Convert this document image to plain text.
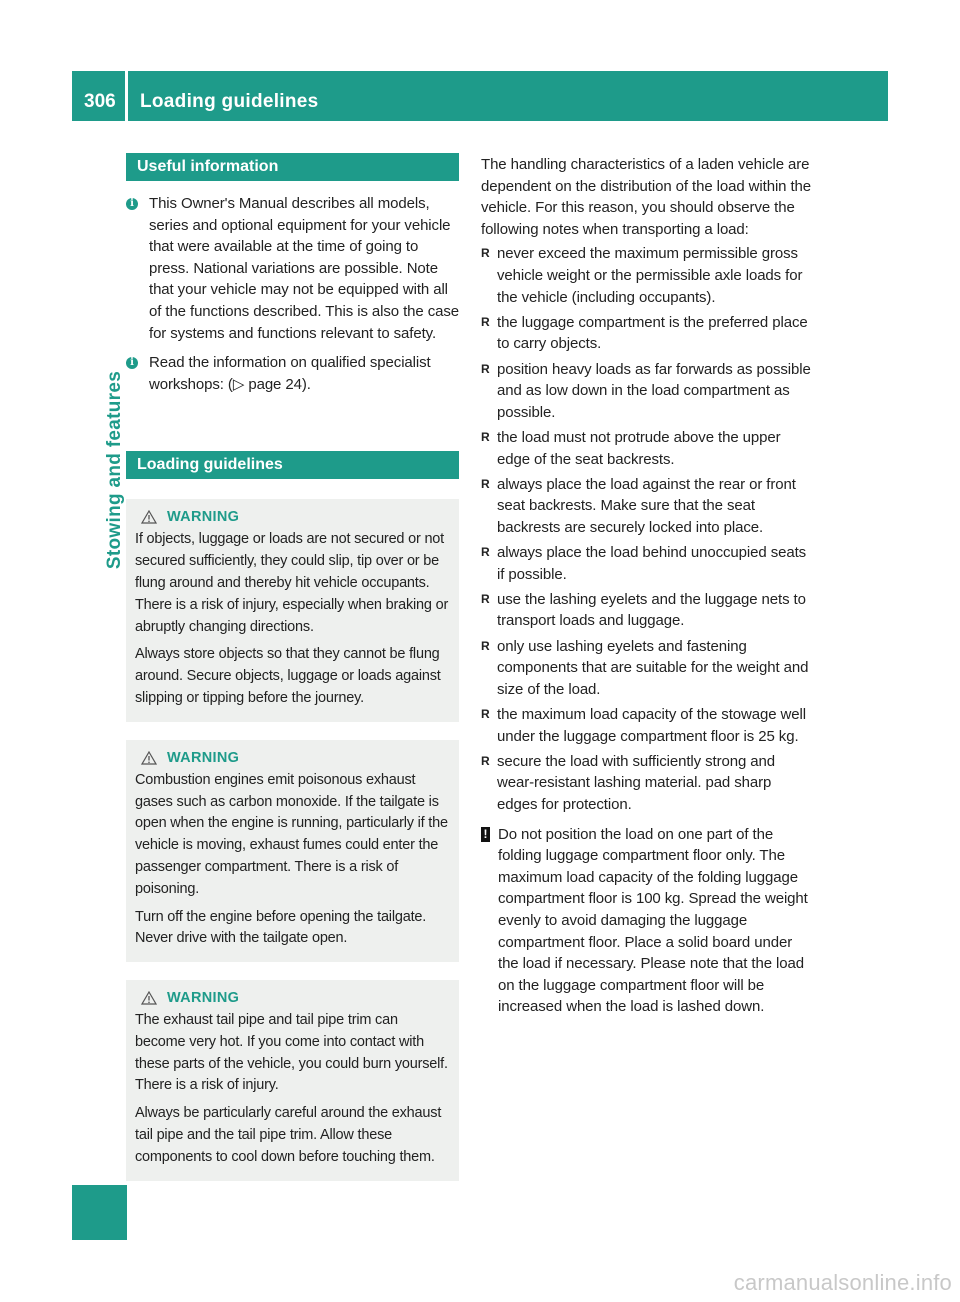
306 Loading guidelines
Stowing and features
Useful information
i This Owner's Manual describes all models, series and optional equipment for your vehicle that were available at the time of going to press. National variations are possible. Note that your vehicle may not be equipped with all of the functions described. This is also the case for systems and functions relevant to safety.
i Read the information on qualified specialist workshops: (▷ page 24).
Loading guidelines
WARNING

If objects, luggage or loads are not secured or not secured sufficiently, they could slip, tip over or be flung around and thereby hit vehicle occupants. There is a risk of injury, especially when braking or abruptly changing directions.

Always store objects so that they cannot be flung around. Secure objects, luggage or loads against slipping or tipping before the journey.

WARNING

Combustion engines emit poisonous exhaust gases such as carbon monoxide. If the tailgate is open when the engine is running, particularly if the vehicle is moving, exhaust fumes could enter the passenger compartment. There is a risk of poisoning.

Turn off the engine before opening the tailgate. Never drive with the tailgate open.

WARNING

The exhaust tail pipe and tail pipe trim can become very hot. If you come into contact with these parts of the vehicle, you could burn yourself. There is a risk of injury.

Always be particularly careful around the exhaust tail pipe and the tail pipe trim. Allow these components to cool down before touching them.

The handling characteristics of a laden vehicle are dependent on the distribution of the load within the vehicle. For this reason, you should observe the following notes when transporting a load:
R never exceed the maximum permissible gross vehicle weight or the permissible axle loads for the vehicle (including occupants).
R the luggage compartment is the preferred place to carry objects.
R position heavy loads as far forwards as possible and as low down in the load compartment as possible.
R the load must not protrude above the upper edge of the seat backrests.
R always place the load against the rear or front seat backrests. Make sure that the seat backrests are securely locked into place.
R always place the load behind unoccupied seats if possible.
R use the lashing eyelets and the luggage nets to transport loads and luggage.
R only use lashing eyelets and fastening components that are suitable for the weight and size of the load.
R the maximum load capacity of the stowage well under the luggage compartment floor is 25 kg.
R secure the load with sufficiently strong and wear-resistant lashing material. pad sharp edges for protection.
! Do not position the load on one part of the folding luggage compartment floor only. The maximum load capacity of the folding luggage compartment floor is 100 kg. Spread the weight evenly to avoid damaging the luggage compartment floor. Place a solid board under the load if necessary. Please note that the load on the luggage compartment floor will be increased when the load is lashed down.
carmanualsonline.info
